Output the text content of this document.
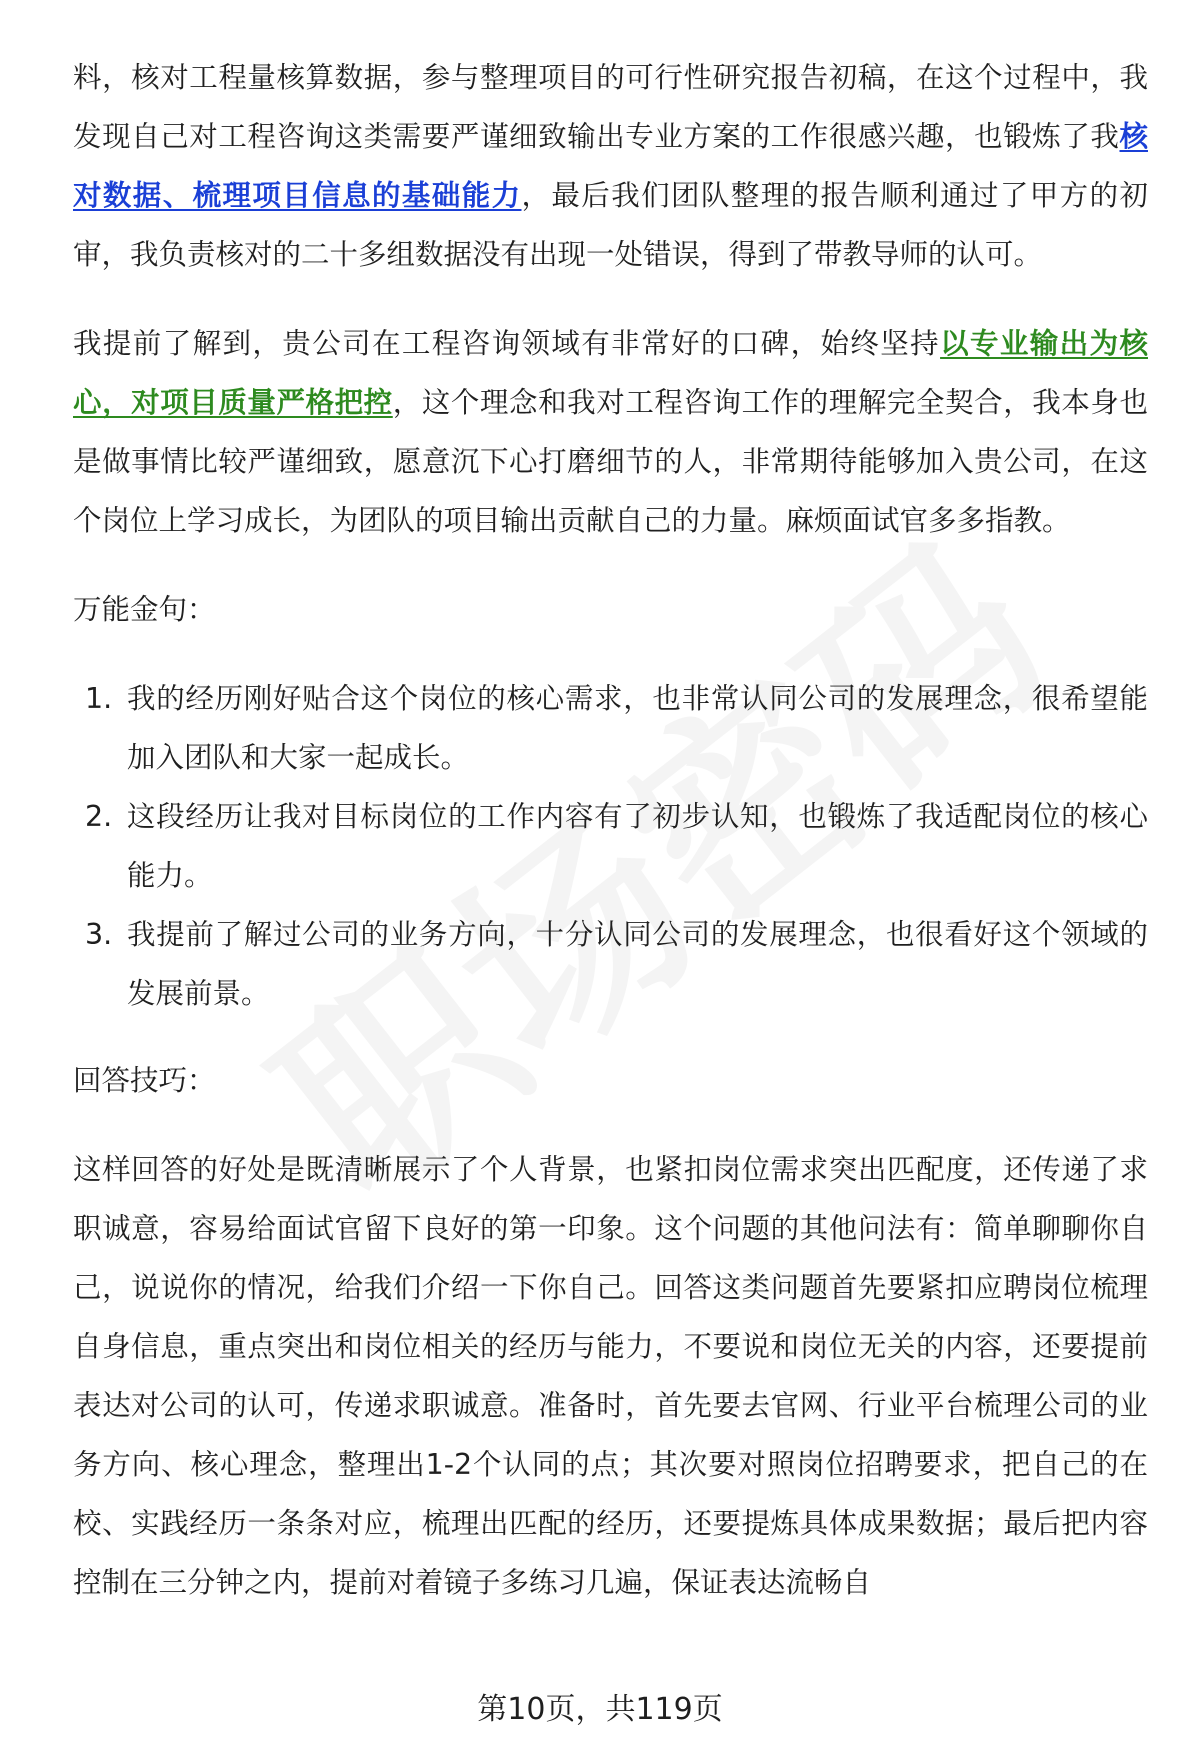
料，核对工程量核算数据，参与整理项目的可行性研究报告初稿，在这个过程中，我发现自己对工程咨询这类需要严谨细致输出专业方案的工作很感兴趣，也锻炼了我核对数据、梳理项目信息的基础能力，最后我们团队整理的报告顺利通过了甲方的初审，我负责核对的二十多组数据没有出现一处错误，得到了带教导师的认可。

我提前了解到，贵公司在工程咨询领域有非常好的口碑，始终坚持以专业输出为核心，对项目质量严格把控，这个理念和我对工程咨询工作的理解完全契合，我本身也是做事情比较严谨细致，愿意沉下心打磨细节的人，非常期待能够加入贵公司，在这个岗位上学习成长，为团队的项目输出贡献自己的力量。麻烦面试官多多指教。

万能金句：
1. 我的经历刚好贴合这个岗位的核心需求，也非常认同公司的发展理念，很希望能加入团队和大家一起成长。
2. 这段经历让我对目标岗位的工作内容有了初步认知，也锻炼了我适配岗位的核心能力。
3. 我提前了解过公司的业务方向，十分认同公司的发展理念，也很看好这个领域的发展前景。
回答技巧：

这样回答的好处是既清晰展示了个人背景，也紧扣岗位需求突出匹配度，还传递了求职诚意，容易给面试官留下良好的第一印象。这个问题的其他问法有：简单聊聊你自己，说说你的情况，给我们介绍一下你自己。回答这类问题首先要紧扣应聘岗位梳理自身信息，重点突出和岗位相关的经历与能力，不要说和岗位无关的内容，还要提前表达对公司的认可，传递求职诚意。准备时，首先要去官网、行业平台梳理公司的业务方向、核心理念，整理出1-2个认同的点；其次要对照岗位招聘要求，把自己的在校、实践经历一条条对应，梳理出匹配的经历，还要提炼具体成果数据；最后把内容控制在三分钟之内，提前对着镜子多练习几遍，保证表达流畅自

第10页，共119页
